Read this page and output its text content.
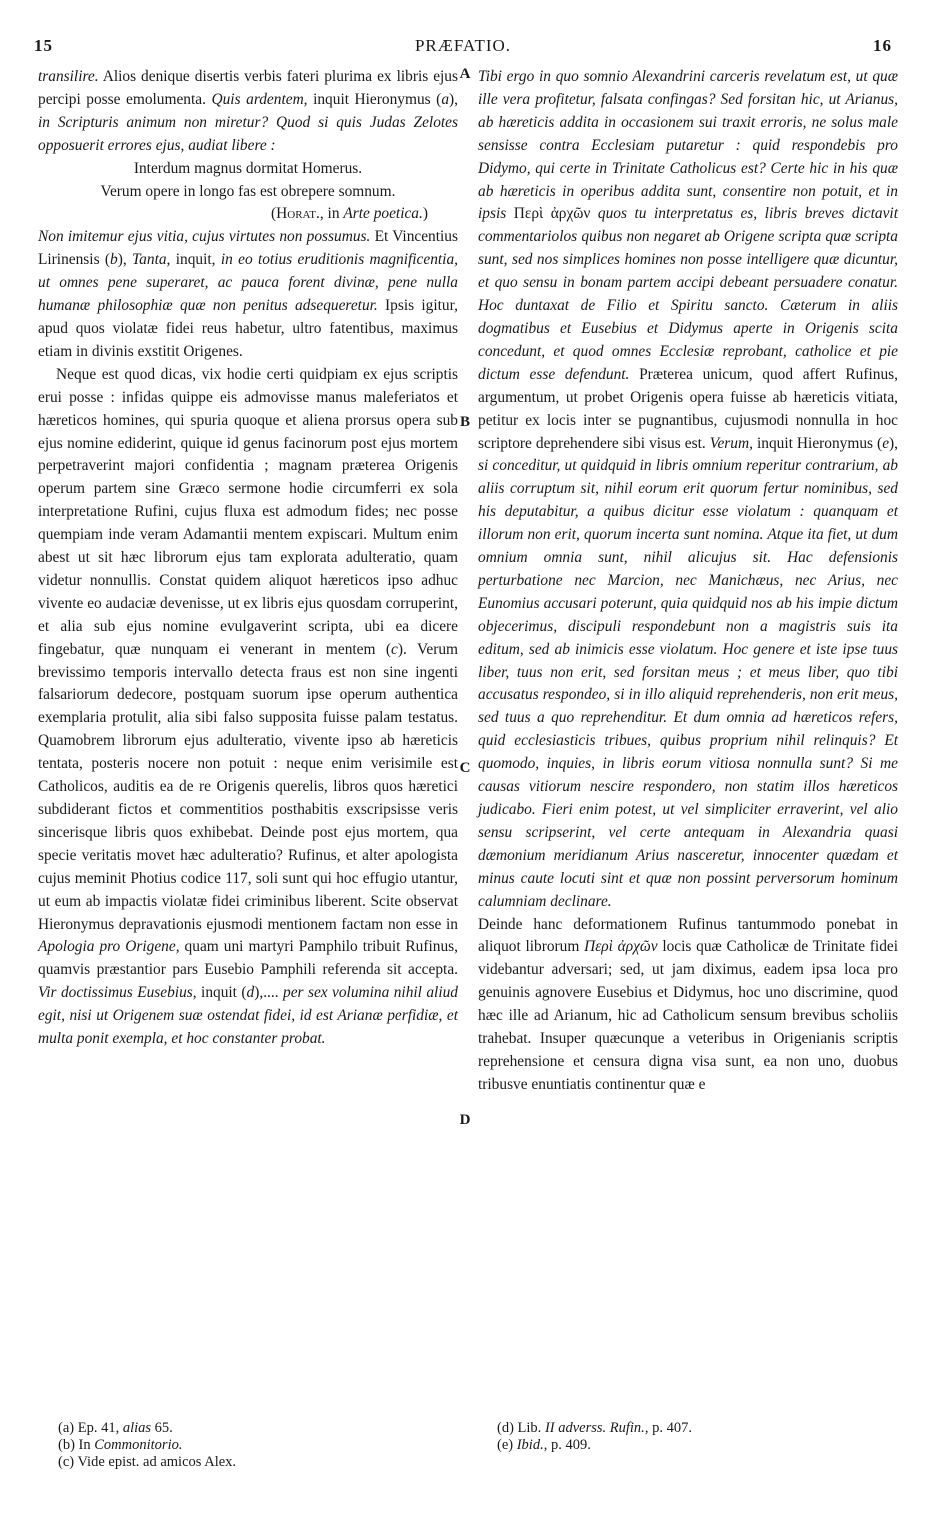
15	PRÆFATIO.	16
A
B
C
D

transilire. Alios denique disertis verbis fateri plurima ex libris ejus percipi posse emolumenta. Quis ardentem, inquit Hieronymus (a), in Scripturis animum non miretur? Quod si quis Judas Zelotes opposuerit errores ejus, audiat libere :

Interdum magnus dormitat Homerus.

Verum opere in longo fas est obrepere somnum.

(Horat., in Arte poetica.)

Non imitemur ejus vitia, cujus virtutes non possumus. Et Vincentius Lirinensis (b), Tanta, inquit, in eo totius eruditionis magnificentia, ut omnes pene superaret, ac pauca forent divinæ, pene nulla humanæ philosophiæ quæ non penitus adsequeretur. Ipsis igitur, apud quos violatæ fidei reus habetur, ultro fatentibus, maximus etiam in divinis exstitit Origenes.

Neque est quod dicas, vix hodie certi quidpiam ex ejus scriptis erui posse : infidas quippe eis admovisse manus maleferiatos et hæreticos homines, qui spuria quoque et aliena prorsus opera sub ejus nomine ediderint, quique id genus facinorum post ejus mortem perpetraverint majori confidentia ; magnam præterea Origenis operum partem sine Græco sermone hodie circumferri ex sola interpretatione Rufini, cujus fluxa est admodum fides; nec posse quempiam inde veram Adamantii mentem expiscari. Multum enim abest ut sit hæc librorum ejus tam explorata adulteratio, quam videtur nonnullis. Constat quidem aliquot hæreticos ipso adhuc vivente eo audaciæ devenisse, ut ex libris ejus quosdam corruperint, et alia sub ejus nomine evulgaverint scripta, ubi ea dicere fingebatur, quæ nunquam ei venerant in mentem (c). Verum brevissimo temporis intervallo detecta fraus est non sine ingenti falsariorum dedecore, postquam suorum ipse operum authentica exemplaria protulit, alia sibi falso supposita fuisse palam testatus. Quamobrem librorum ejus adulteratio, vivente ipso ab hæreticis tentata, posteris nocere non potuit : neque enim verisimile est Catholicos, auditis ea de re Origenis querelis, libros quos hæretici subdiderant fictos et commentitios posthabitis exscripsisse veris sincerisque libris quos exhibebat. Deinde post ejus mortem, qua specie veritatis movet hæc adulteratio? Rufinus, et alter apologista cujus meminit Photius codice 117, soli sunt qui hoc effugio utantur, ut eum ab impactis violatæ fidei criminibus liberent. Scite observat Hieronymus depravationis ejusmodi mentionem factam non esse in Apologia pro Origene, quam uni martyri Pamphilo tribuit Rufinus, quamvis præstantior pars Eusebio Pamphili referenda sit accepta. Vir doctissimus Eusebius, inquit (d),.... per sex volumina nihil aliud egit, nisi ut Origenem suæ ostendat fidei, id est Arianæ perfidiæ, et multa ponit exempla, et hoc constanter probat.

Tibi ergo in quo somnio Alexandrini carceris revelatum est, ut quæ ille vera profitetur, falsata confingas? Sed forsitan hic, ut Arianus, ab hæreticis addita in occasionem sui traxit erroris, ne solus male sensisse contra Ecclesiam putaretur : quid respondebis pro Didymo, qui certe in Trinitate Catholicus est? Certe hic in his quæ ab hæreticis in operibus addita sunt, consentire non potuit, et in ipsis Περὶ ἀρχῶν quos tu interpretatus es, libris breves dictavit commentariolos quibus non negaret ab Origene scripta quæ scripta sunt, sed nos simplices homines non posse intelligere quæ dicuntur, et quo sensu in bonam partem accipi debeant persuadere conatur. Hoc duntaxat de Filio et Spiritu sancto. Cæterum in aliis dogmatibus et Eusebius et Didymus aperte in Origenis scita concedunt, et quod omnes Ecclesiæ reprobant, catholice et pie dictum esse defendunt. Præterea unicum, quod affert Rufinus, argumentum, ut probet Origenis opera fuisse ab hæreticis vitiata, petitur ex locis inter se pugnantibus, cujusmodi nonnulla in hoc scriptore deprehendere sibi visus est. Verum, inquit Hieronymus (e), si conceditur, ut quidquid in libris omnium reperitur contrarium, ab aliis corruptum sit, nihil eorum erit quorum fertur nominibus, sed his deputabitur, a quibus dicitur esse violatum : quanquam et illorum non erit, quorum incerta sunt nomina. Atque ita fiet, ut dum omnium omnia sunt, nihil alicujus sit. Hac defensionis perturbatione nec Marcion, nec Manichæus, nec Arius, nec Eunomius accusari poterunt, quia quidquid nos ab his impie dictum objecerimus, discipuli respondebunt non a magistris suis ita editum, sed ab inimicis esse violatum. Hoc genere et iste ipse tuus liber, tuus non erit, sed forsitan meus ; et meus liber, quo tibi accusatus respondeo, si in illo aliquid reprehenderis, non erit meus, sed tuus a quo reprehenditur. Et dum omnia ad hæreticos refers, quid ecclesiasticis tribues, quibus proprium nihil relinquis? Et quomodo, inquies, in libris eorum vitiosa nonnulla sunt? Si me causas vitiorum nescire respondero, non statim illos hæreticos judicabo. Fieri enim potest, ut vel simpliciter erraverint, vel alio sensu scripserint, vel certe antequam in Alexandria quasi dæmonium meridianum Arius nasceretur, innocenter quædam et minus caute locuti sint et quæ non possint perversorum hominum calumniam declinare.

Deinde hanc deformationem Rufinus tantummodo ponebat in aliquot librorum Περὶ ἀρχῶν locis quæ Catholicæ de Trinitate fidei videbantur adversari; sed, ut jam diximus, eadem ipsa loca pro genuinis agnovere Eusebius et Didymus, hoc uno discrimine, quod hæc ille ad Arianum, hic ad Catholicum sensum brevibus scholiis trahebat. Insuper quæcunque a veteribus in Origenianis scriptis reprehensione et censura digna visa sunt, ea non uno, duobus tribusve enuntiatis continentur quæ e

(a) Ep. 41, alias 65.
(b) In Commonitorio.
(c) Vide epist. ad amicos Alex.
(d) Lib. II adverss. Rufin., p. 407.
(e) Ibid., p. 409.
